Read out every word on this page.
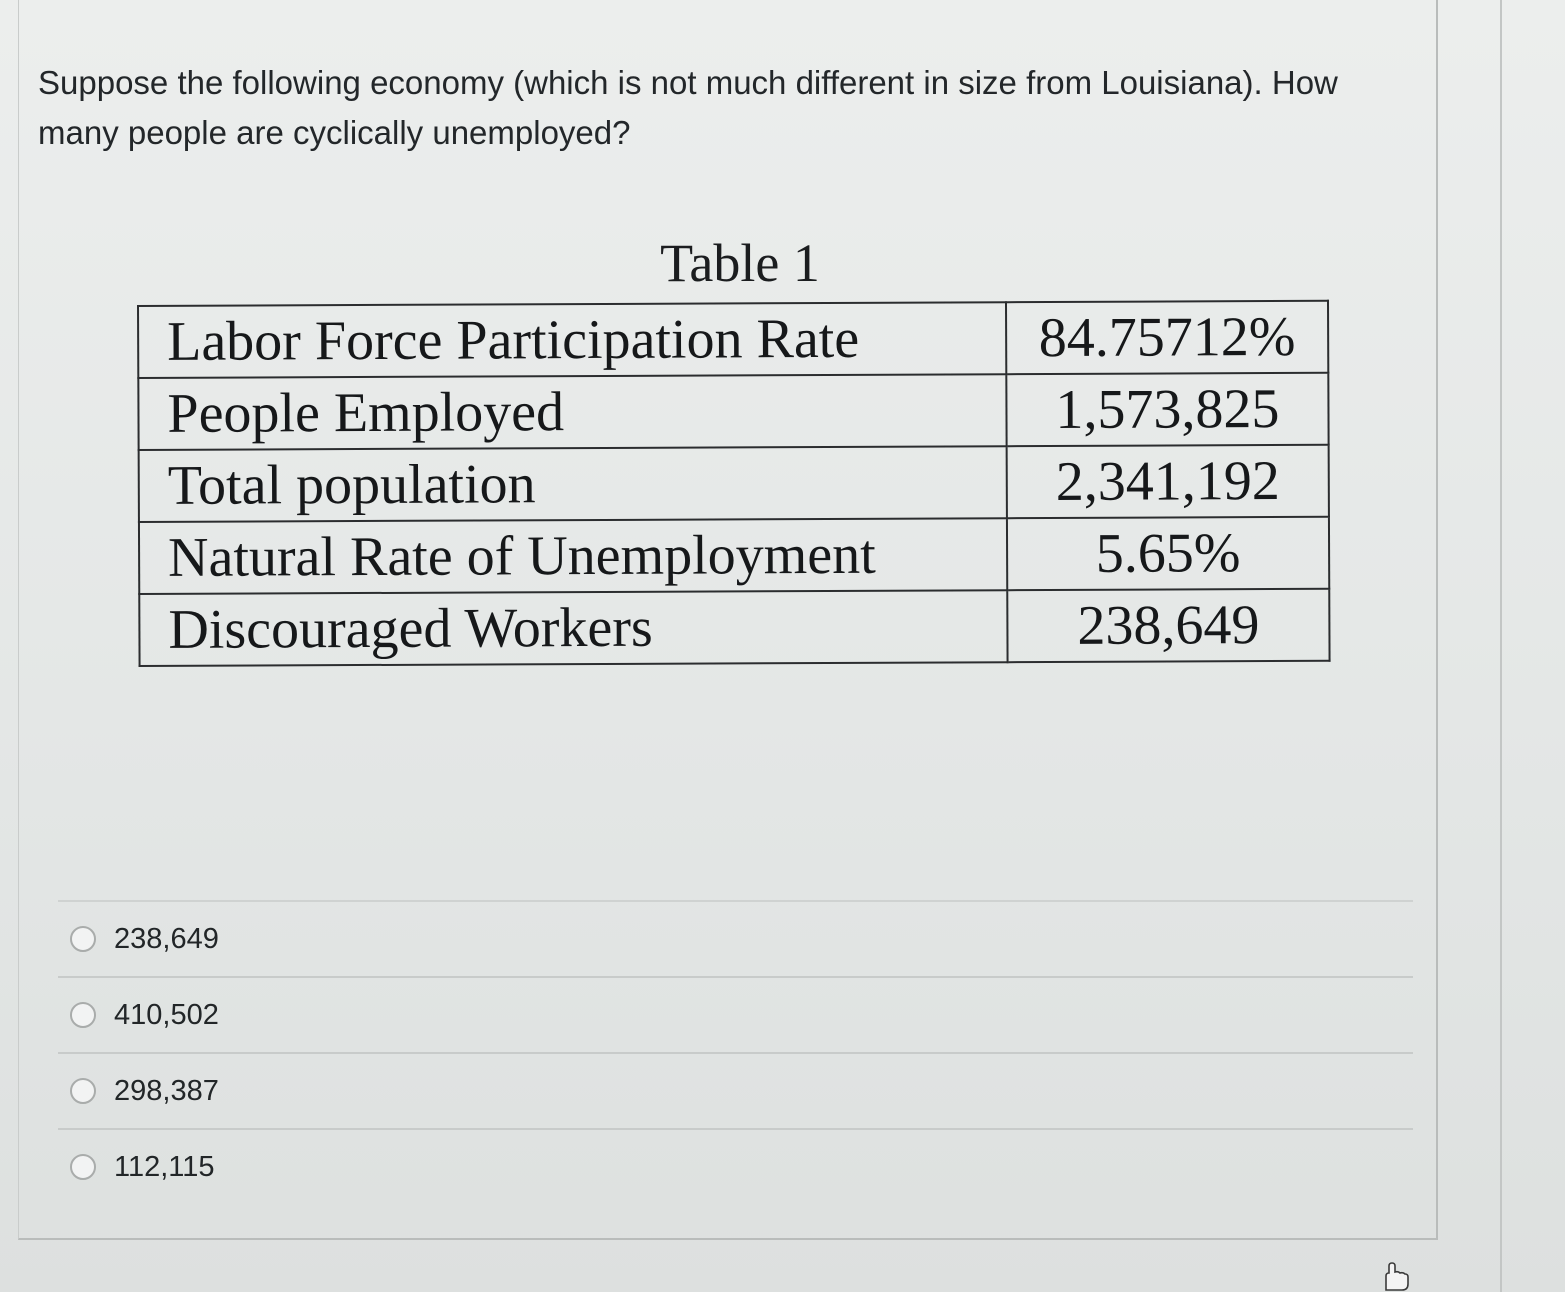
Suppose the following economy (which is not much different in size from Louisiana). How many people are cyclically unemployed?

Table 1
Labor Force Participation Rate	84.75712%
People Employed	1,573,825
Total population	2,341,192
Natural Rate of Unemployment	5.65%
Discouraged Workers	238,649
238,649
410,502
298,387
112,115
